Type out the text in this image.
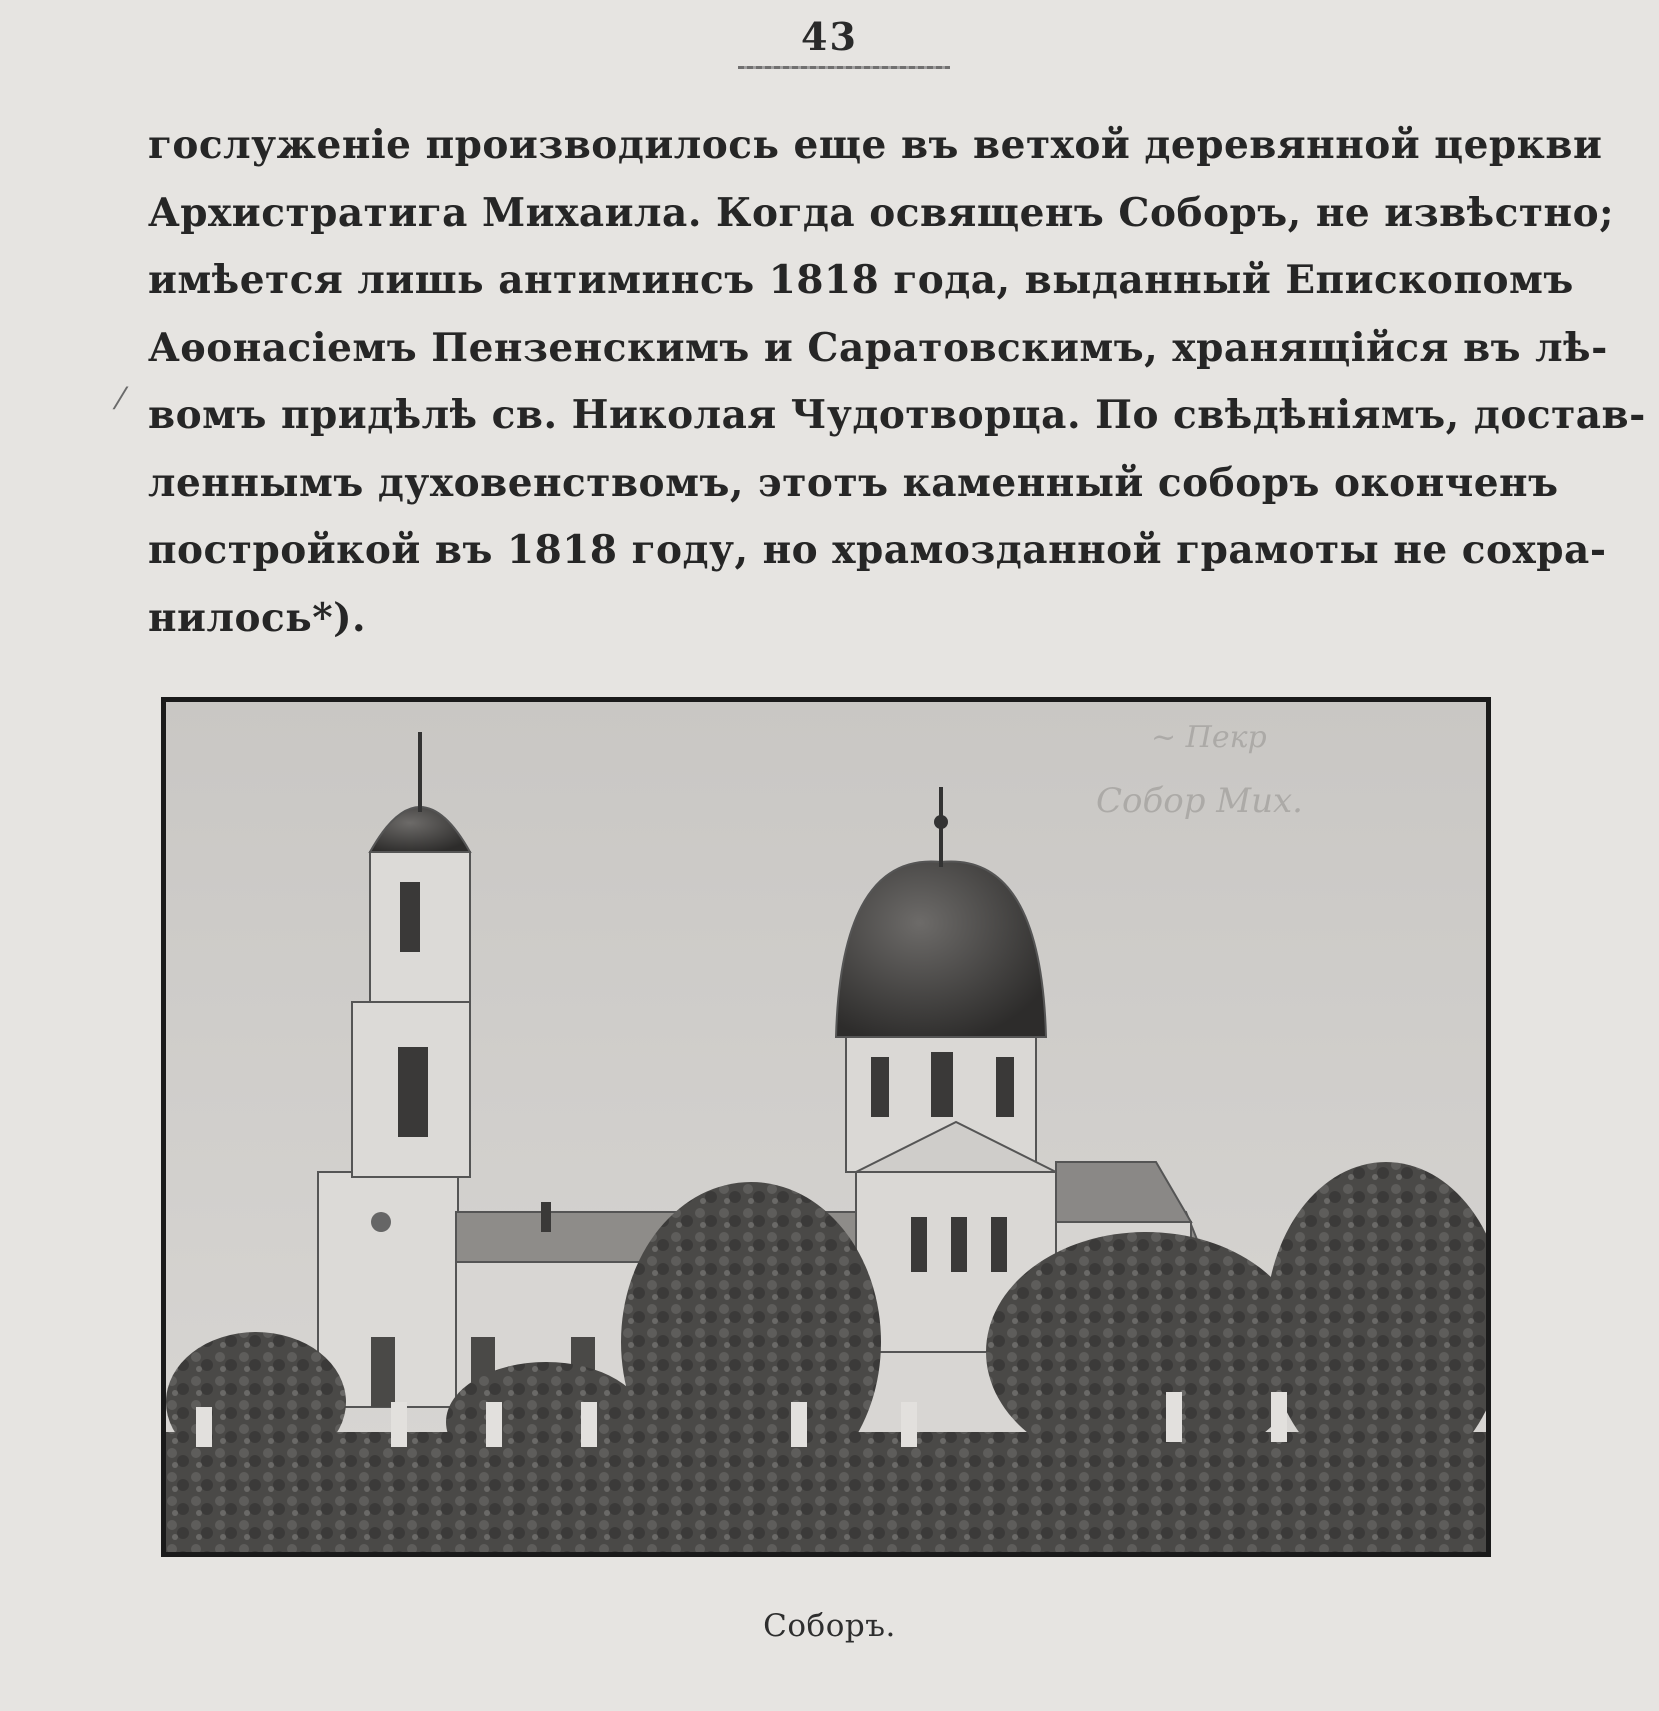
43
⁄
гослуженіе производилось еще въ ветхой деревянной церкви
Архистратига Михаила. Когда освященъ Соборъ, не извѣстно;
имѣется лишь антиминсъ 1818 года, выданный Епископомъ
Аѳонасіемъ Пензенскимъ и Саратовскимъ, хранящійся въ лѣ-
вомъ придѣлѣ св. Николая Чудотворца. По свѣдѣніямъ, достав-
леннымъ духовенствомъ, этотъ каменный соборъ оконченъ
постройкой въ 1818 году, но храмозданной грамоты не сохра-
нилось*).
~ Пекр
Собор Мих.
Соборъ.
